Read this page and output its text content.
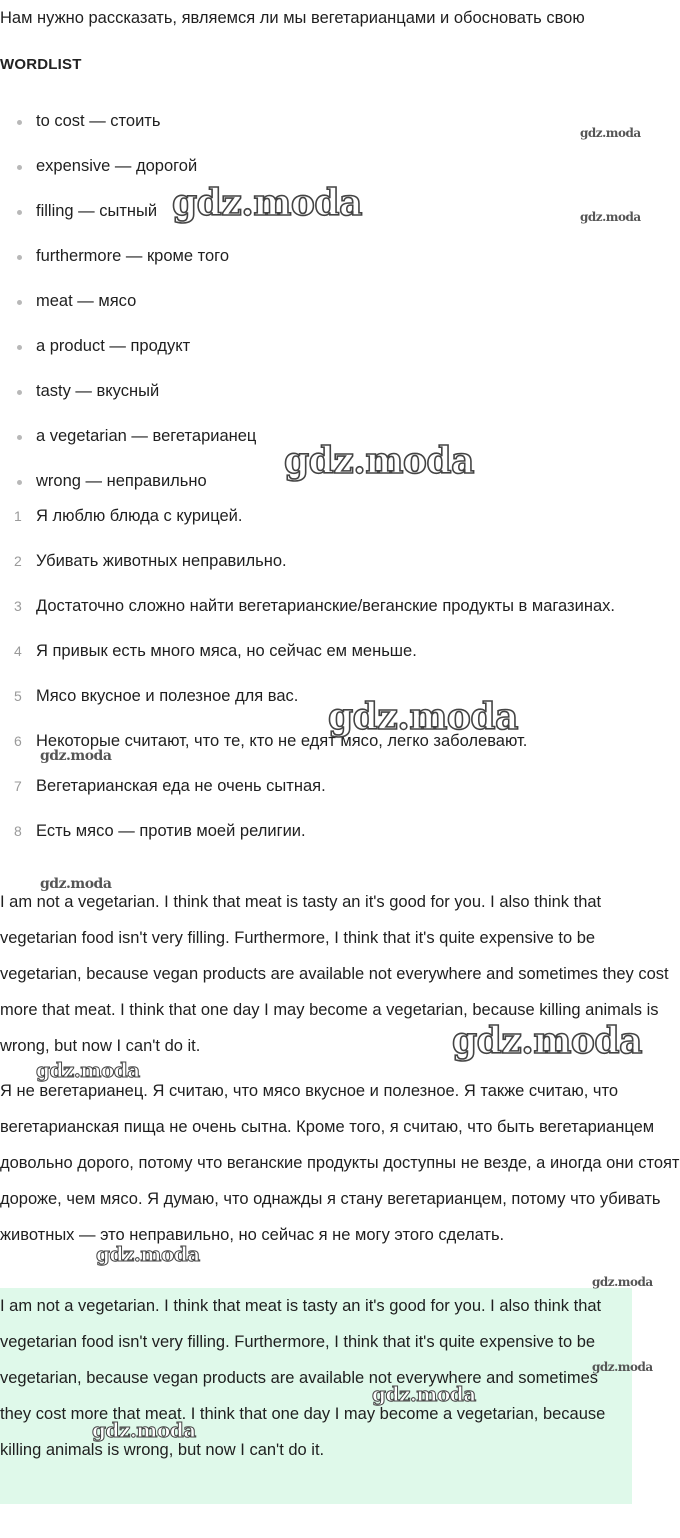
Нам нужно рассказать, являемся ли мы вегетарианцами и обосновать свою
WORDLIST
to cost — стоить
expensive — дорогой
filling — сытный
furthermore — кроме того
meat — мясо
a product — продукт
tasty — вкусный
a vegetarian — вегетарианец
wrong — неправильно
1 Я люблю блюда с курицей.
2 Убивать животных неправильно.
3 Достаточно сложно найти вегетарианские/веганские продукты в магазинах.
4 Я привык есть много мяса, но сейчас ем меньше.
5 Мясо вкусное и полезное для вас.
6 Некоторые считают, что те, кто не едят мясо, легко заболевают.
7 Вегетарианская еда не очень сытная.
8 Есть мясо — против моей религии.

I am not a vegetarian. I think that meat is tasty an it's good for you. I also think that vegetarian food isn't very filling. Furthermore, I think that it's quite expensive to be vegetarian, because vegan products are available not everywhere and sometimes they cost more that meat. I think that one day I may become a vegetarian, because killing animals is wrong, but now I can't do it.

Я не вегетарианец. Я считаю, что мясо вкусное и полезное. Я также считаю, что вегетарианская пища не очень сытна. Кроме того, я считаю, что быть вегетарианцем довольно дорого, потому что веганские продукты доступны не везде, а иногда они стоят дороже, чем мясо. Я думаю, что однажды я стану вегетарианцем, потому что убивать животных — это неправильно, но сейчас я не могу этого сделать.

I am not a vegetarian. I think that meat is tasty an it's good for you. I also think that vegetarian food isn't very filling. Furthermore, I think that it's quite expensive to be vegetarian, because vegan products are available not everywhere and sometimes they cost more that meat. I think that one day I may become a vegetarian, because killing animals is wrong, but now I can't do it.

gdz.moda
gdz.moda
gdz.moda
gdz.moda
gdz.moda
gdz.moda
gdz.moda
gdz.moda
gdz.moda
gdz.moda
gdz.moda
gdz.moda
gdz.moda
gdz.moda
